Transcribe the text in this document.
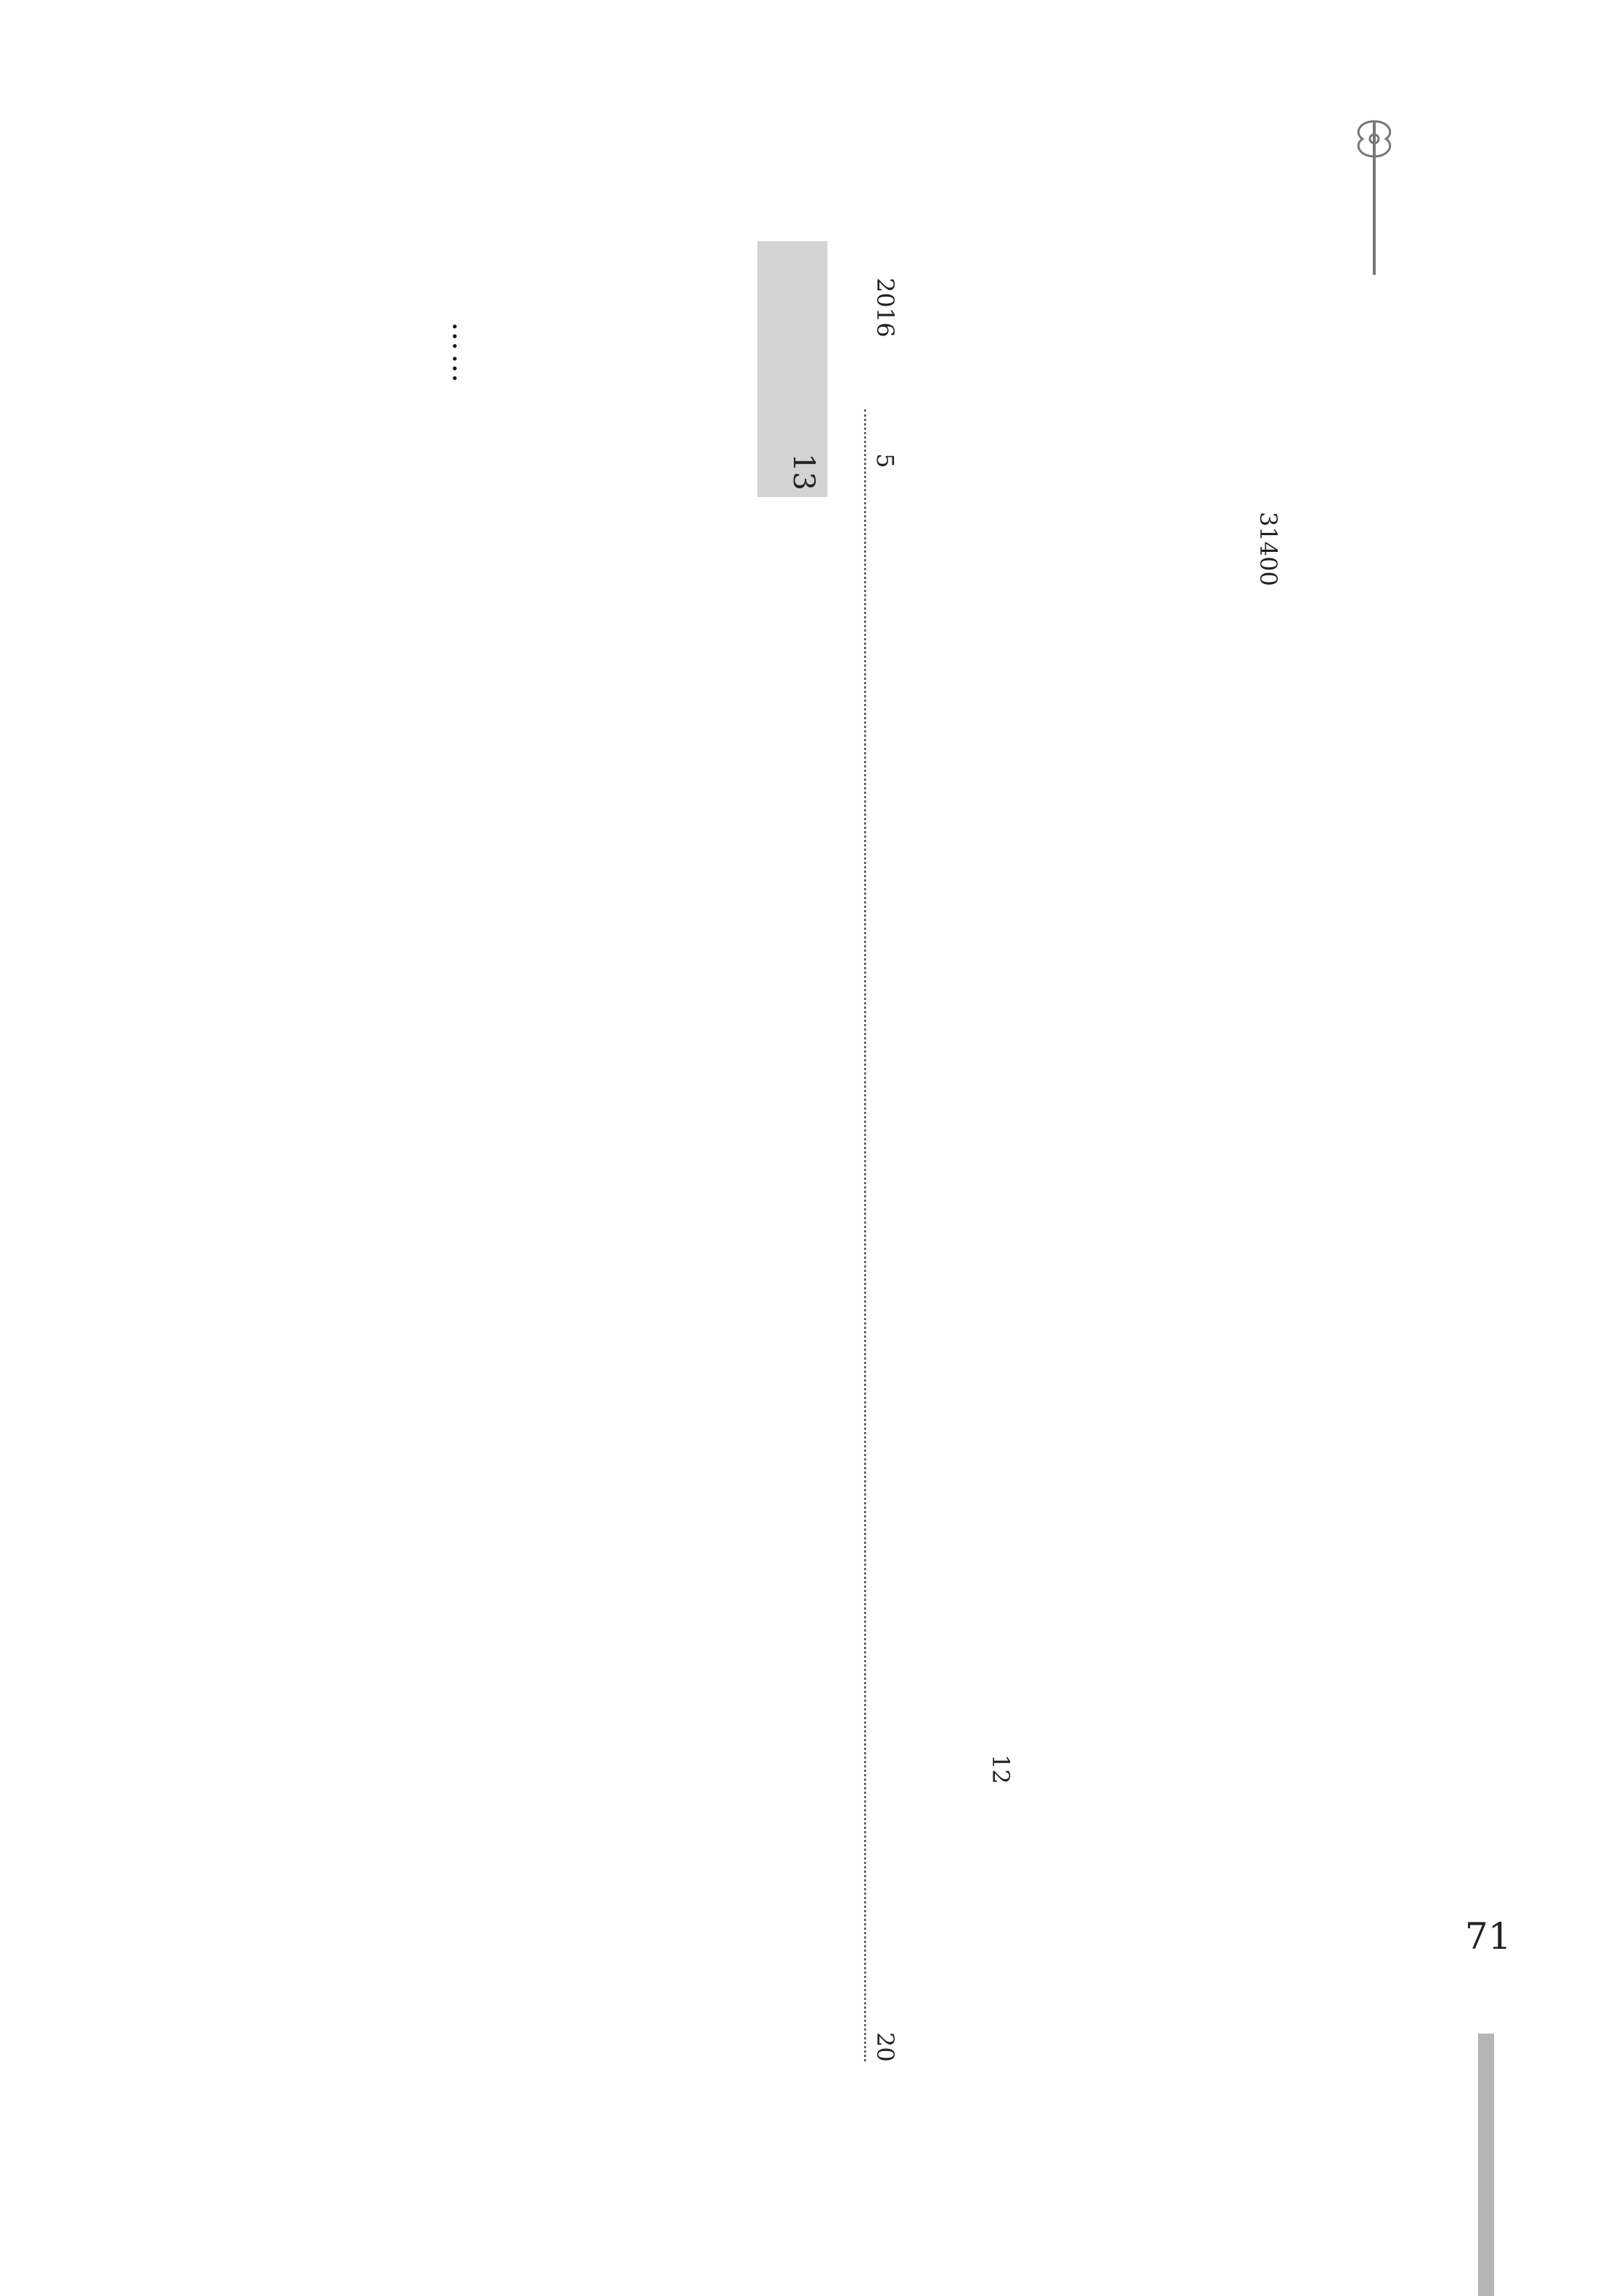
31400
12
2016
5
20
13
……
71
